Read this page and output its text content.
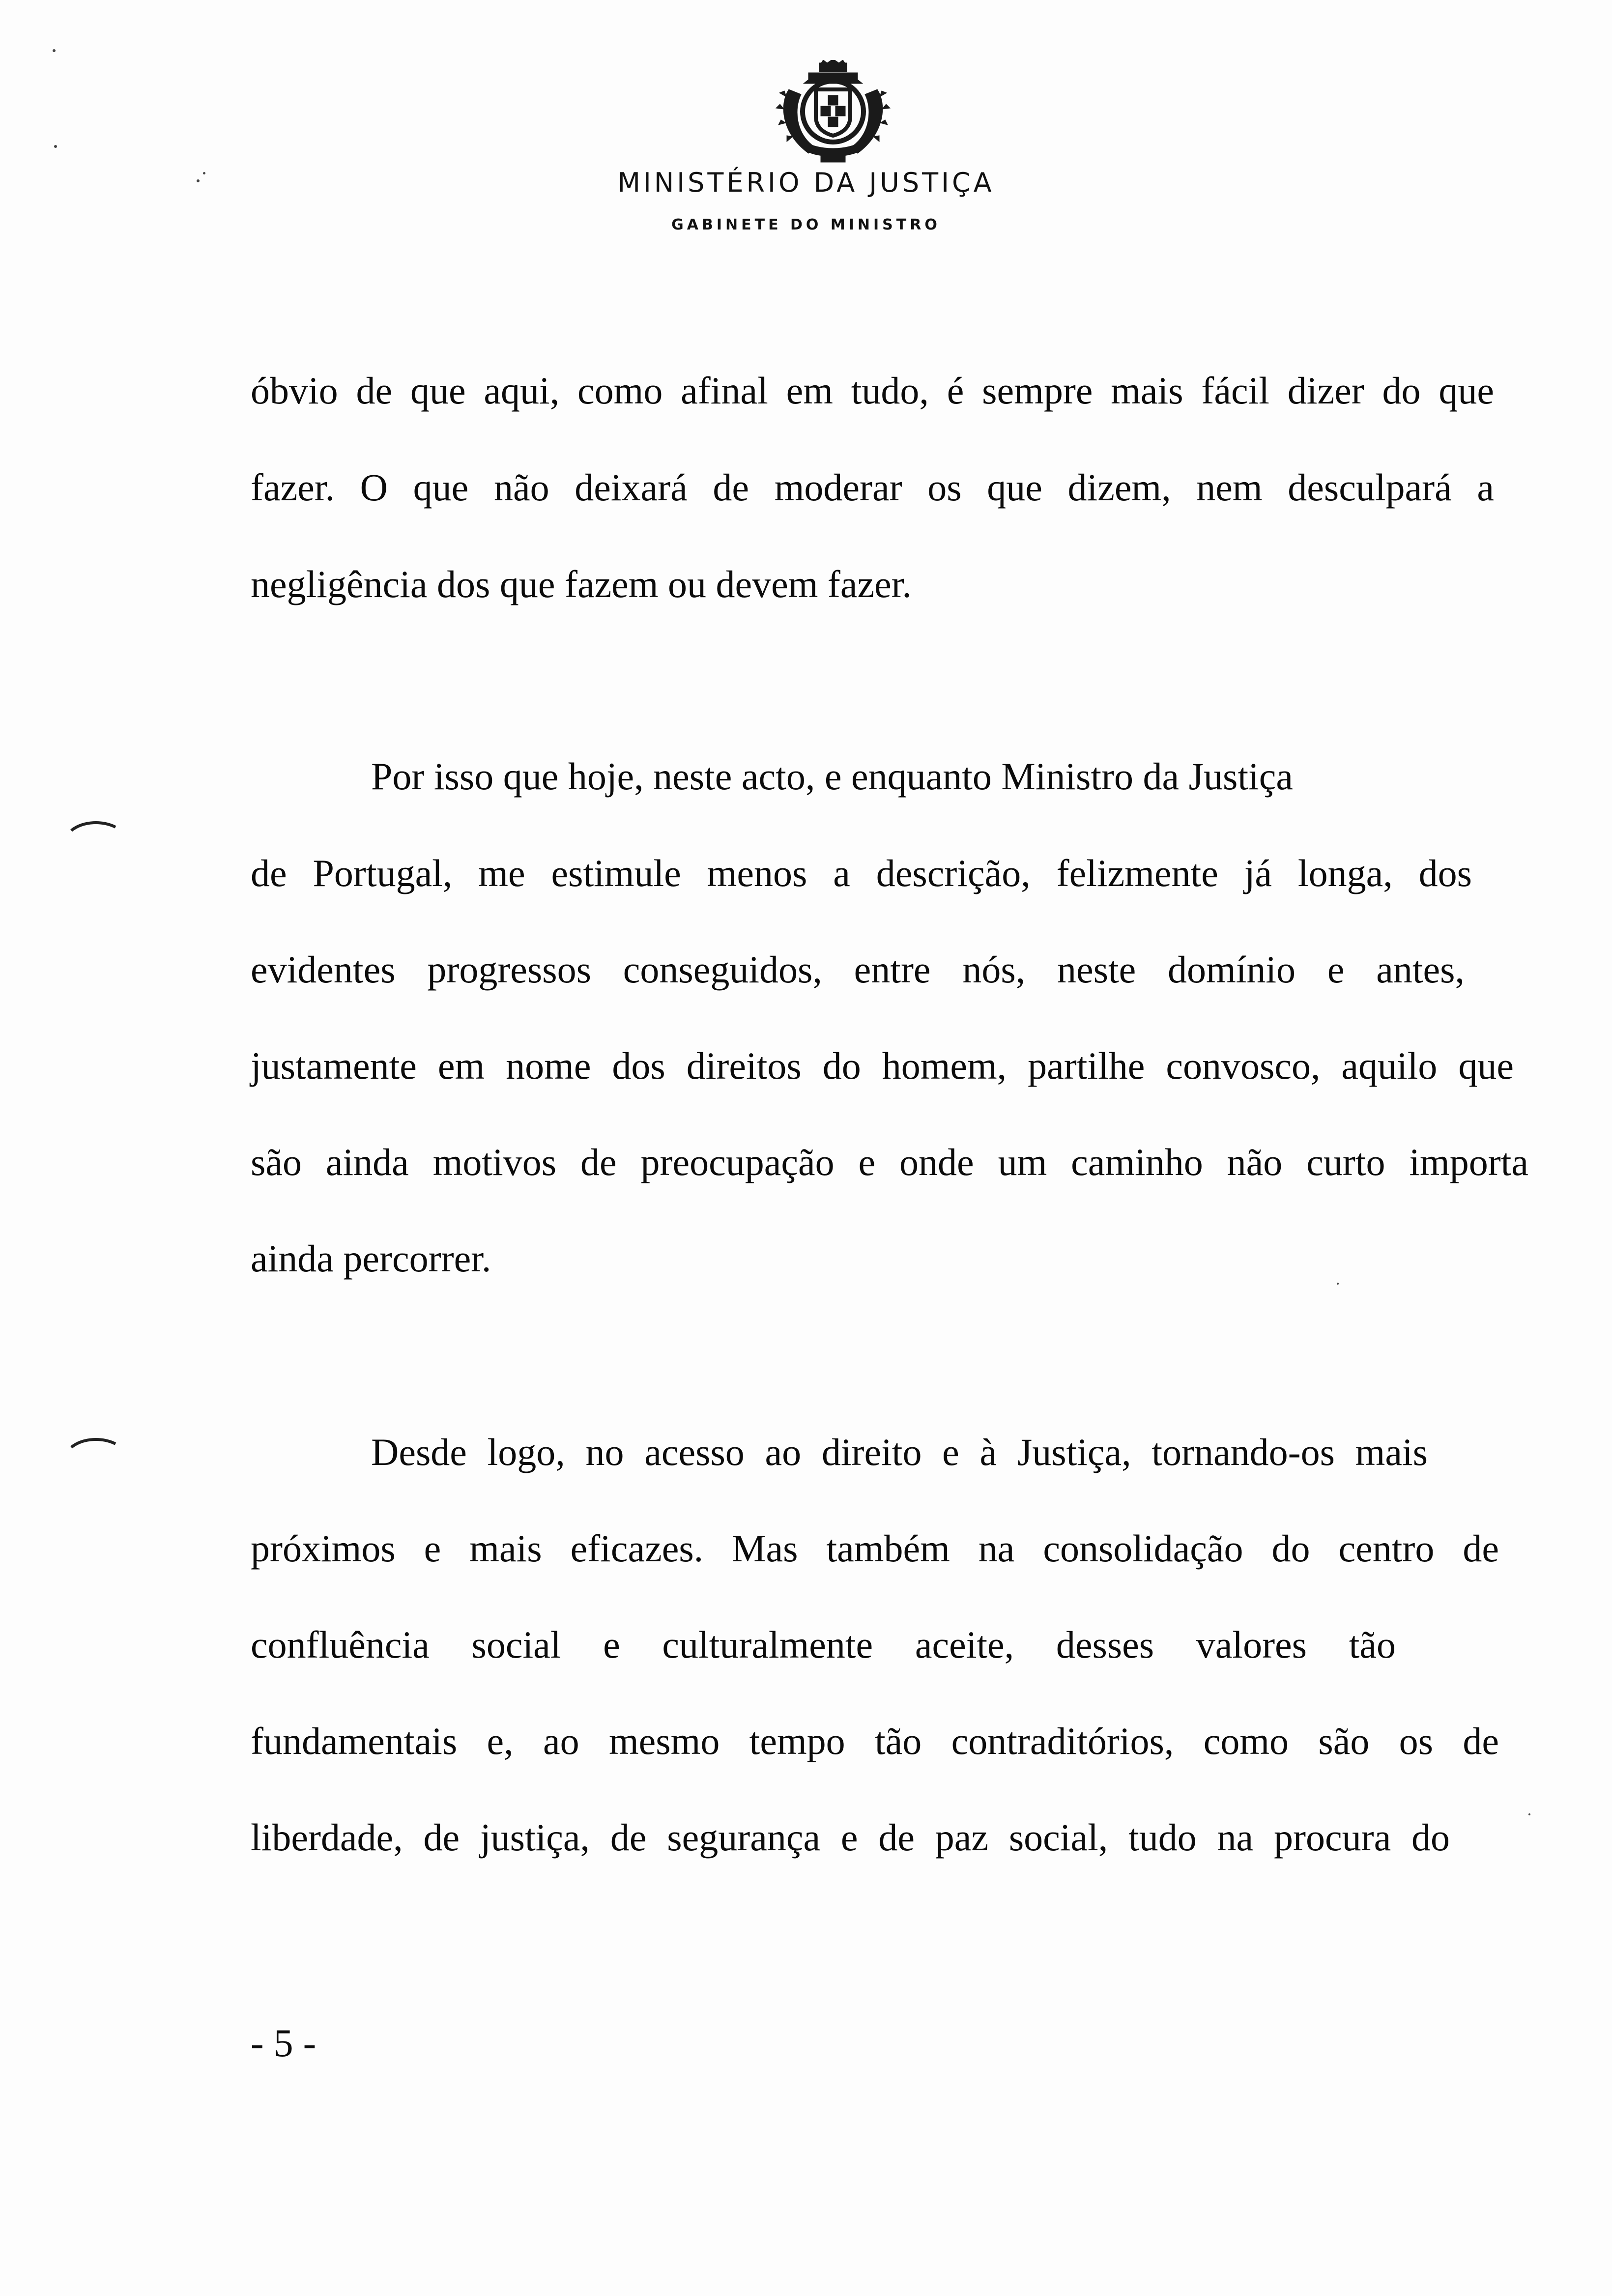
MINISTÉRIO DA JUSTIÇA
GABINETE DO MINISTRO
óbvio de que aqui, como afinal em tudo, é sempre mais fácil dizer do que
fazer. O que não deixará de moderar os que dizem, nem desculpará a
negligência dos que fazem ou devem fazer.
Por isso que hoje, neste acto, e enquanto Ministro da Justiça
de Portugal, me estimule menos a descrição, felizmente já longa, dos
evidentes progressos conseguidos, entre nós, neste domínio e antes,
justamente em nome dos direitos do homem, partilhe convosco, aquilo que
são ainda motivos de preocupação e onde um caminho não curto importa
ainda percorrer.
Desde logo, no acesso ao direito e à Justiça, tornando-os mais
próximos e mais eficazes. Mas também na consolidação do centro de
confluência social e culturalmente aceite, desses valores tão
fundamentais e, ao mesmo tempo tão contraditórios, como são os de
liberdade, de justiça, de segurança e de paz social, tudo na procura do
- 5 -
